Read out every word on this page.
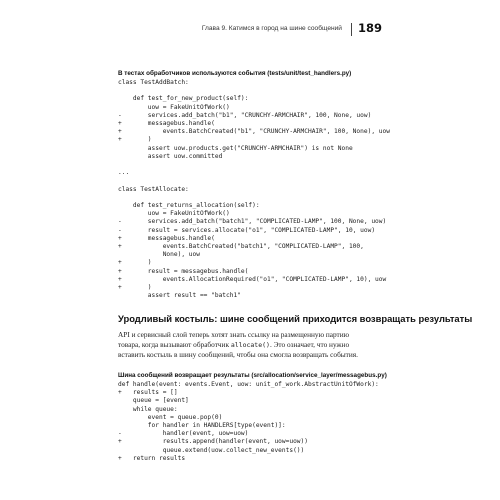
Глава 9. Катимся в город на шине сообщений 189
В тестах обработчиков используются события (tests/unit/test_handlers.py)
class TestAddBatch:

def test_for_new_product(self):
uow = FakeUnitOfWork()
-       services.add_batch("b1", "CRUNCHY-ARMCHAIR", 100, None, uow)
+       messagebus.handle(
+           events.BatchCreated("b1", "CRUNCHY-ARMCHAIR", 100, None), uow
+       )
assert uow.products.get("CRUNCHY-ARMCHAIR") is not None
assert uow.committed

...

class TestAllocate:

def test_returns_allocation(self):
uow = FakeUnitOfWork()
-       services.add_batch("batch1", "COMPLICATED-LAMP", 100, None, uow)
-       result = services.allocate("o1", "COMPLICATED-LAMP", 10, uow)
+       messagebus.handle(
+           events.BatchCreated("batch1", "COMPLICATED-LAMP", 100,
None), uow
+       )
+       result = messagebus.handle(
+           events.AllocationRequired("o1", "COMPLICATED-LAMP", 10), uow
+       )
assert result == "batch1"
Уродливый костыль: шине сообщений приходится возвращать результаты
API и сервисный слой теперь хотят знать ссылку на размещенную партию
товара, когда вызывают обработчик allocate(). Это означает, что нужно
вставить костыль в шину сообщений, чтобы она смогла возвращать события.
Шина сообщений возвращает результаты (src/allocation/service_layer/messagebus.py)
def handle(event: events.Event, uow: unit_of_work.AbstractUnitOfWork):
+   results = []
queue = [event]
while queue:
event = queue.pop(0)
for handler in HANDLERS[type(event)]:
-           handler(event, uow=uow)
+           results.append(handler(event, uow=uow))
queue.extend(uow.collect_new_events())
+   return results
